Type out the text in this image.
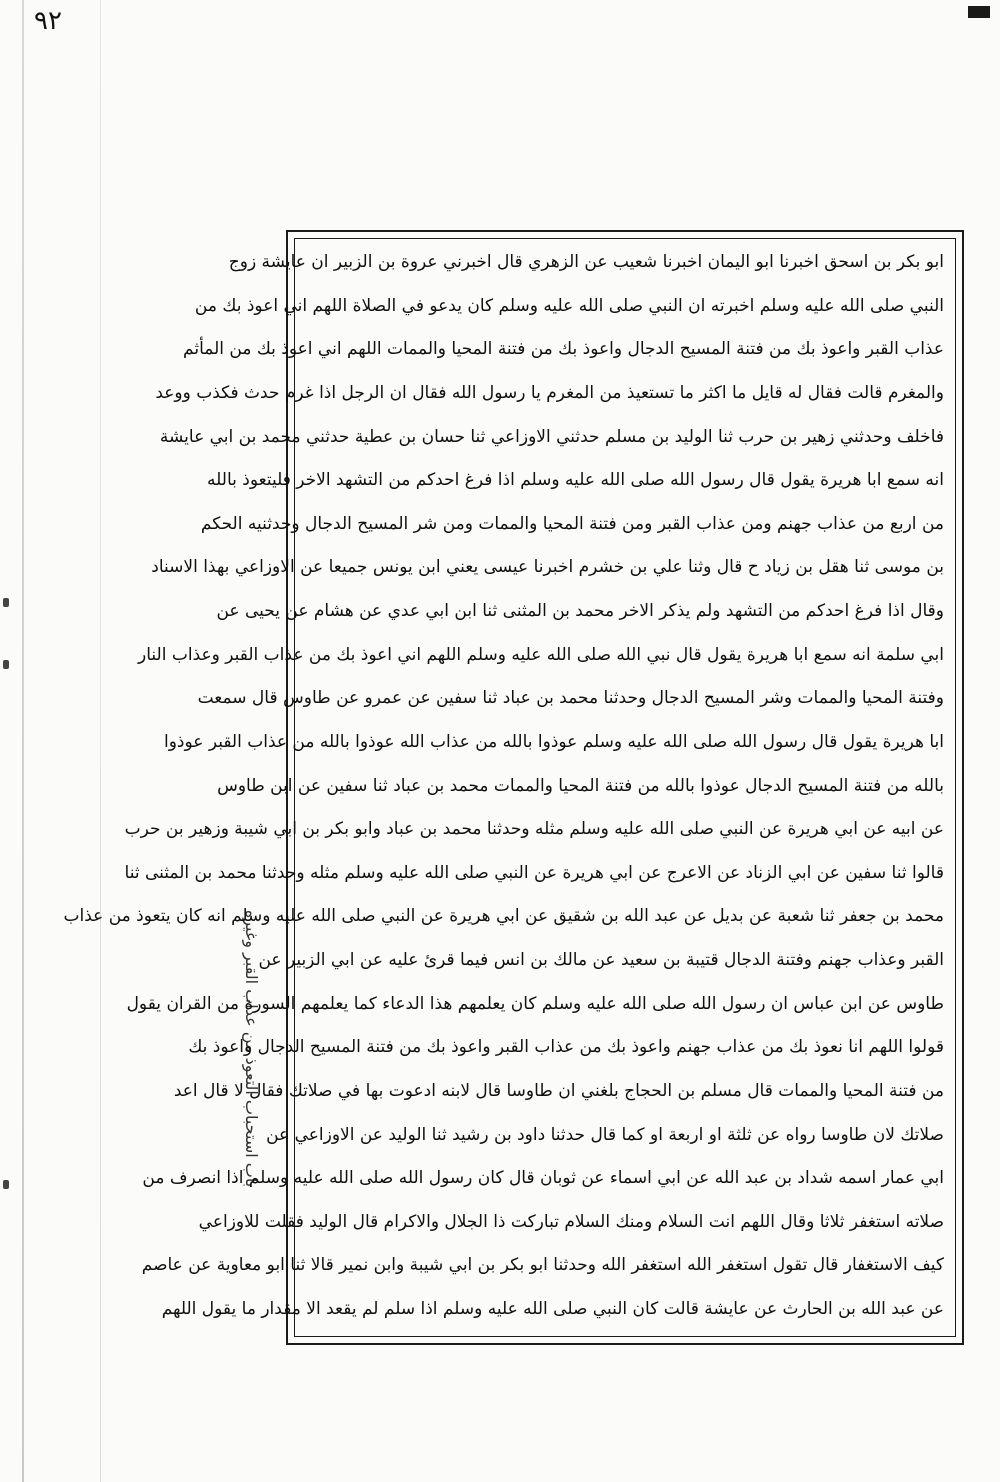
٩٢
باب استحباب التعوذ من عذاب القبر وغيره
ابو بكر بن اسحق اخبرنا ابو اليمان اخبرنا شعيب عن الزهري قال اخبرني عروة بن الزبير ان عايشة زوج
النبي صلى الله عليه وسلم اخبرته ان النبي صلى الله عليه وسلم كان يدعو في الصلاة اللهم اني اعوذ بك من
عذاب القبر واعوذ بك من فتنة المسيح الدجال واعوذ بك من فتنة المحيا والممات اللهم اني اعوذ بك من المأثم
والمغرم قالت فقال له قايل ما اكثر ما تستعيذ من المغرم يا رسول الله فقال ان الرجل اذا غرم حدث فكذب ووعد
فاخلف وحدثني زهير بن حرب ثنا الوليد بن مسلم حدثني الاوزاعي ثنا حسان بن عطية حدثني محمد بن ابي عايشة
انه سمع ابا هريرة يقول قال رسول الله صلى الله عليه وسلم اذا فرغ احدكم من التشهد الاخر فليتعوذ بالله
من اربع من عذاب جهنم ومن عذاب القبر ومن فتنة المحيا والممات ومن شر المسيح الدجال وحدثنيه الحكم
بن موسى ثنا هقل بن زياد ح قال وثنا علي بن خشرم اخبرنا عيسى يعني ابن يونس جميعا عن الاوزاعي بهذا الاسناد
وقال اذا فرغ احدكم من التشهد ولم يذكر الاخر محمد بن المثنى ثنا ابن ابي عدي عن هشام عن يحيى عن
ابي سلمة انه سمع ابا هريرة يقول قال نبي الله صلى الله عليه وسلم اللهم اني اعوذ بك من عذاب القبر وعذاب النار
وفتنة المحيا والممات وشر المسيح الدجال وحدثنا محمد بن عباد ثنا سفين عن عمرو عن طاوس قال سمعت
ابا هريرة يقول قال رسول الله صلى الله عليه وسلم عوذوا بالله من عذاب الله عوذوا بالله من عذاب القبر عوذوا
بالله من فتنة المسيح الدجال عوذوا بالله من فتنة المحيا والممات محمد بن عباد ثنا سفين عن ابن طاوس
عن ابيه عن ابي هريرة عن النبي صلى الله عليه وسلم مثله وحدثنا محمد بن عباد وابو بكر بن ابي شيبة وزهير بن حرب
قالوا ثنا سفين عن ابي الزناد عن الاعرج عن ابي هريرة عن النبي صلى الله عليه وسلم مثله وحدثنا محمد بن المثنى ثنا
محمد بن جعفر ثنا شعبة عن بديل عن عبد الله بن شقيق عن ابي هريرة عن النبي صلى الله عليه وسلم انه كان يتعوذ من عذاب
القبر وعذاب جهنم وفتنة الدجال قتيبة بن سعيد عن مالك بن انس فيما قرئ عليه عن ابي الزبير عن
طاوس عن ابن عباس ان رسول الله صلى الله عليه وسلم كان يعلمهم هذا الدعاء كما يعلمهم السورة من القران يقول
قولوا اللهم انا نعوذ بك من عذاب جهنم واعوذ بك من عذاب القبر واعوذ بك من فتنة المسيح الدجال واعوذ بك
من فتنة المحيا والممات قال مسلم بن الحجاج بلغني ان طاوسا قال لابنه ادعوت بها في صلاتك فقال لا قال اعد
صلاتك لان طاوسا رواه عن ثلثة او اربعة او كما قال حدثنا داود بن رشيد ثنا الوليد عن الاوزاعي عن
ابي عمار اسمه شداد بن عبد الله عن ابي اسماء عن ثوبان قال كان رسول الله صلى الله عليه وسلم اذا انصرف من
صلاته استغفر ثلاثا وقال اللهم انت السلام ومنك السلام تباركت ذا الجلال والاكرام قال الوليد فقلت للاوزاعي
كيف الاستغفار قال تقول استغفر الله استغفر الله وحدثنا ابو بكر بن ابي شيبة وابن نمير قالا ثنا ابو معاوية عن عاصم
عن عبد الله بن الحارث عن عايشة قالت كان النبي صلى الله عليه وسلم اذا سلم لم يقعد الا مقدار ما يقول اللهم
